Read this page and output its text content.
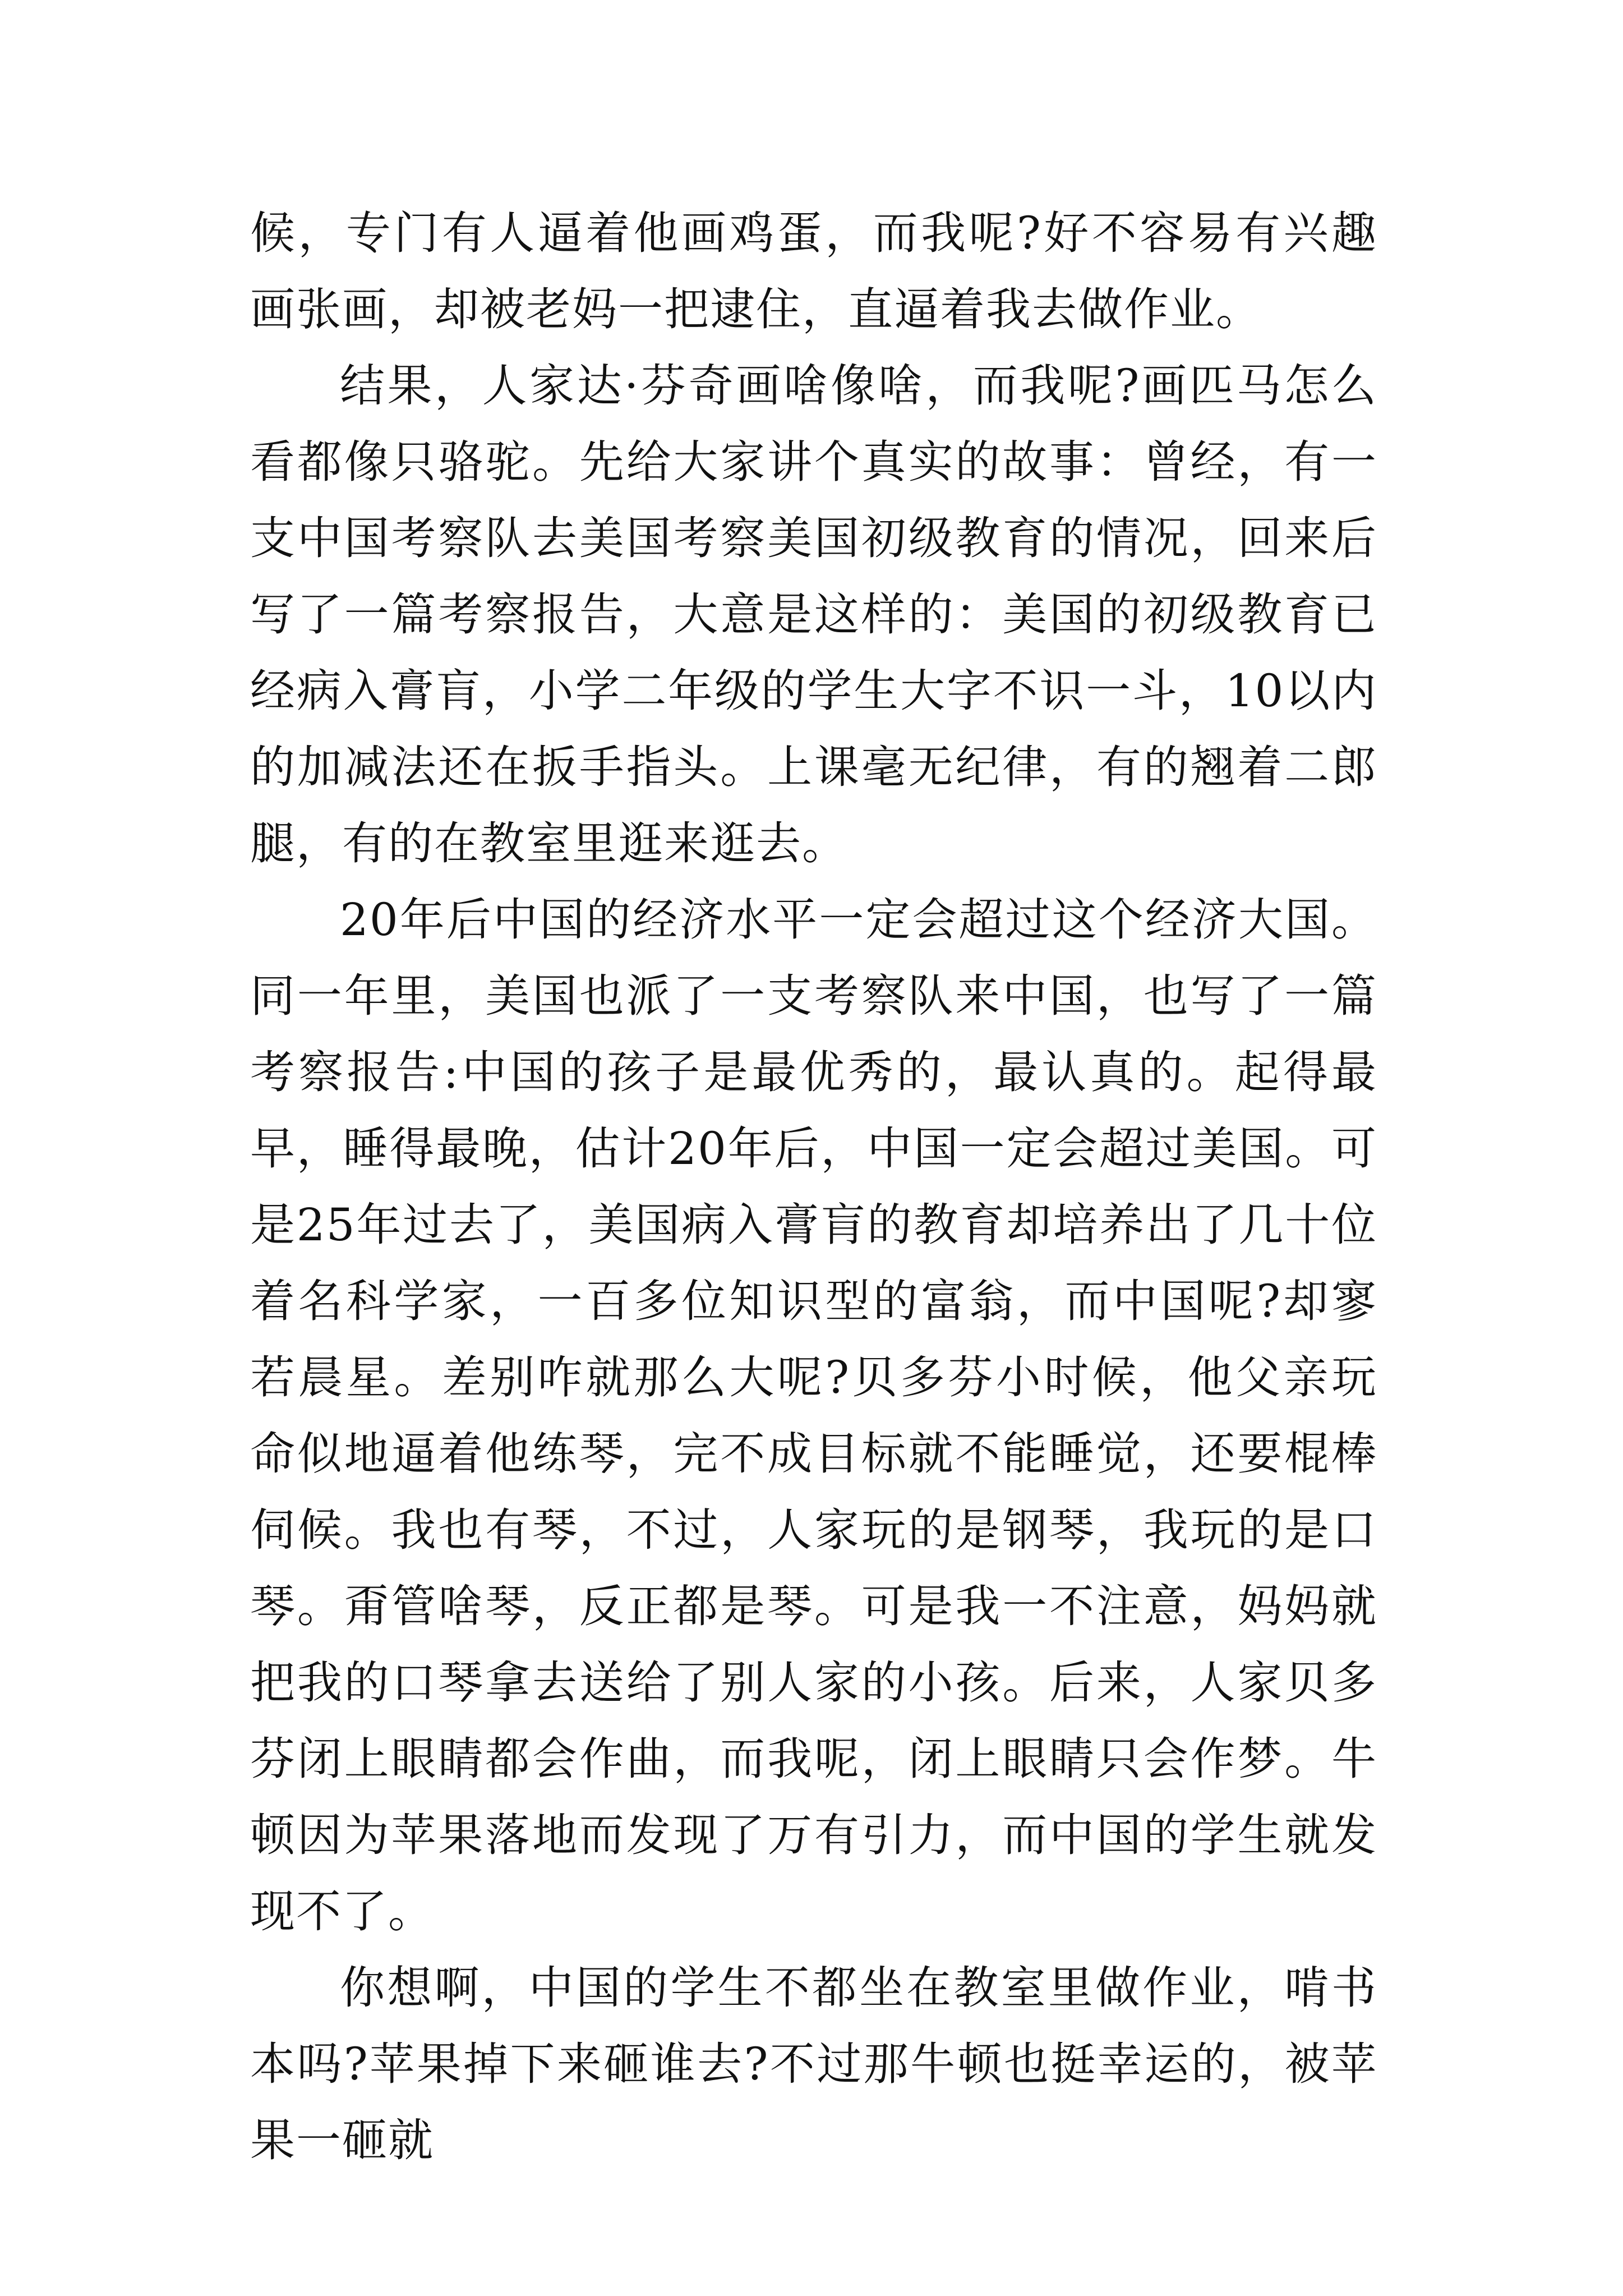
候，专门有人逼着他画鸡蛋，而我呢?好不容易有兴趣画张画，却被老妈一把逮住，直逼着我去做作业。

结果，人家达·芬奇画啥像啥，而我呢?画匹马怎么看都像只骆驼。先给大家讲个真实的故事：曾经，有一支中国考察队去美国考察美国初级教育的情况，回来后写了一篇考察报告，大意是这样的：美国的初级教育已经病入膏肓，小学二年级的学生大字不识一斗，10以内的加减法还在扳手指头。上课毫无纪律，有的翘着二郎腿，有的在教室里逛来逛去。

20年后中国的经济水平一定会超过这个经济大国。同一年里，美国也派了一支考察队来中国，也写了一篇考察报告:中国的孩子是最优秀的，最认真的。起得最早，睡得最晚，估计20年后，中国一定会超过美国。可是25年过去了，美国病入膏肓的教育却培养出了几十位着名科学家，一百多位知识型的富翁，而中国呢?却寥若晨星。差别咋就那么大呢?贝多芬小时候，他父亲玩命似地逼着他练琴，完不成目标就不能睡觉，还要棍棒伺候。我也有琴，不过，人家玩的是钢琴，我玩的是口琴。甭管啥琴，反正都是琴。可是我一不注意，妈妈就把我的口琴拿去送给了别人家的小孩。后来，人家贝多芬闭上眼睛都会作曲，而我呢，闭上眼睛只会作梦。牛顿因为苹果落地而发现了万有引力，而中国的学生就发现不了。

你想啊，中国的学生不都坐在教室里做作业，啃书本吗?苹果掉下来砸谁去?不过那牛顿也挺幸运的，被苹果一砸就
